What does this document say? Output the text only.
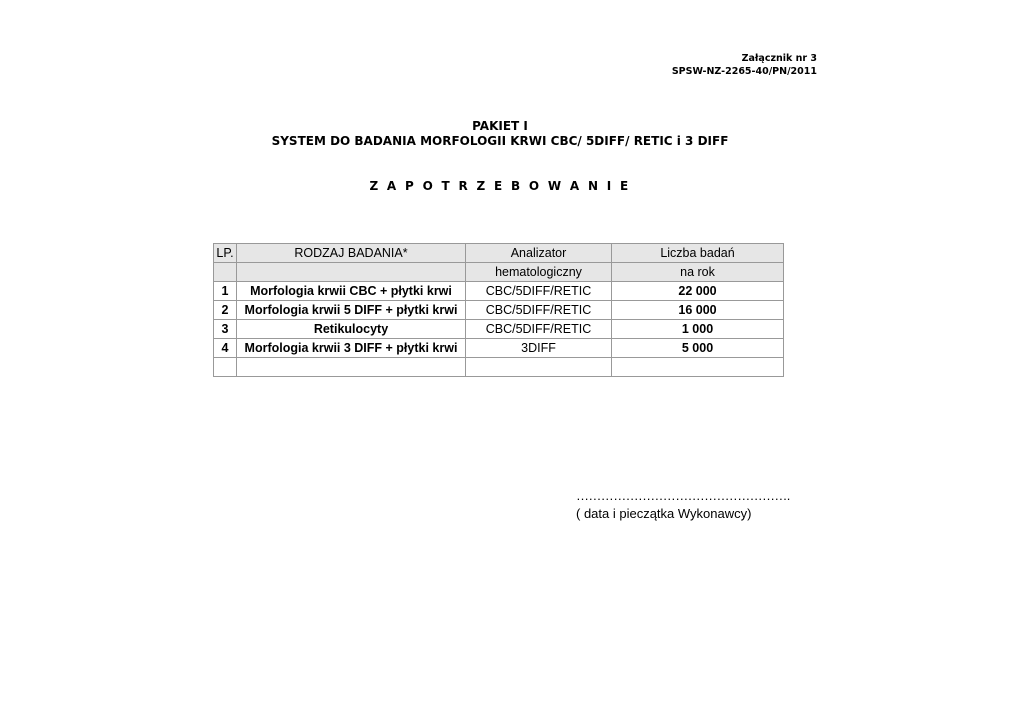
Załącznik nr 3
SPSW-NZ-2265-40/PN/2011
PAKIET I
SYSTEM DO BADANIA MORFOLOGII KRWI CBC/ 5DIFF/ RETIC i 3 DIFF
Z A P O T R Z E B O W A N I E
LP.	RODZAJ BADANIA*	Analizator	Liczba badań
		hematologiczny	na rok
1	Morfologia krwii CBC + płytki krwi	CBC/5DIFF/RETIC	22 000
2	Morfologia krwii 5 DIFF + płytki krwi	CBC/5DIFF/RETIC	16 000
3	Retikulocyty	CBC/5DIFF/RETIC	1 000
4	Morfologia krwii 3 DIFF + płytki krwi	3DIFF	5 000

…………………………………………….
( data i pieczątka Wykonawcy)
